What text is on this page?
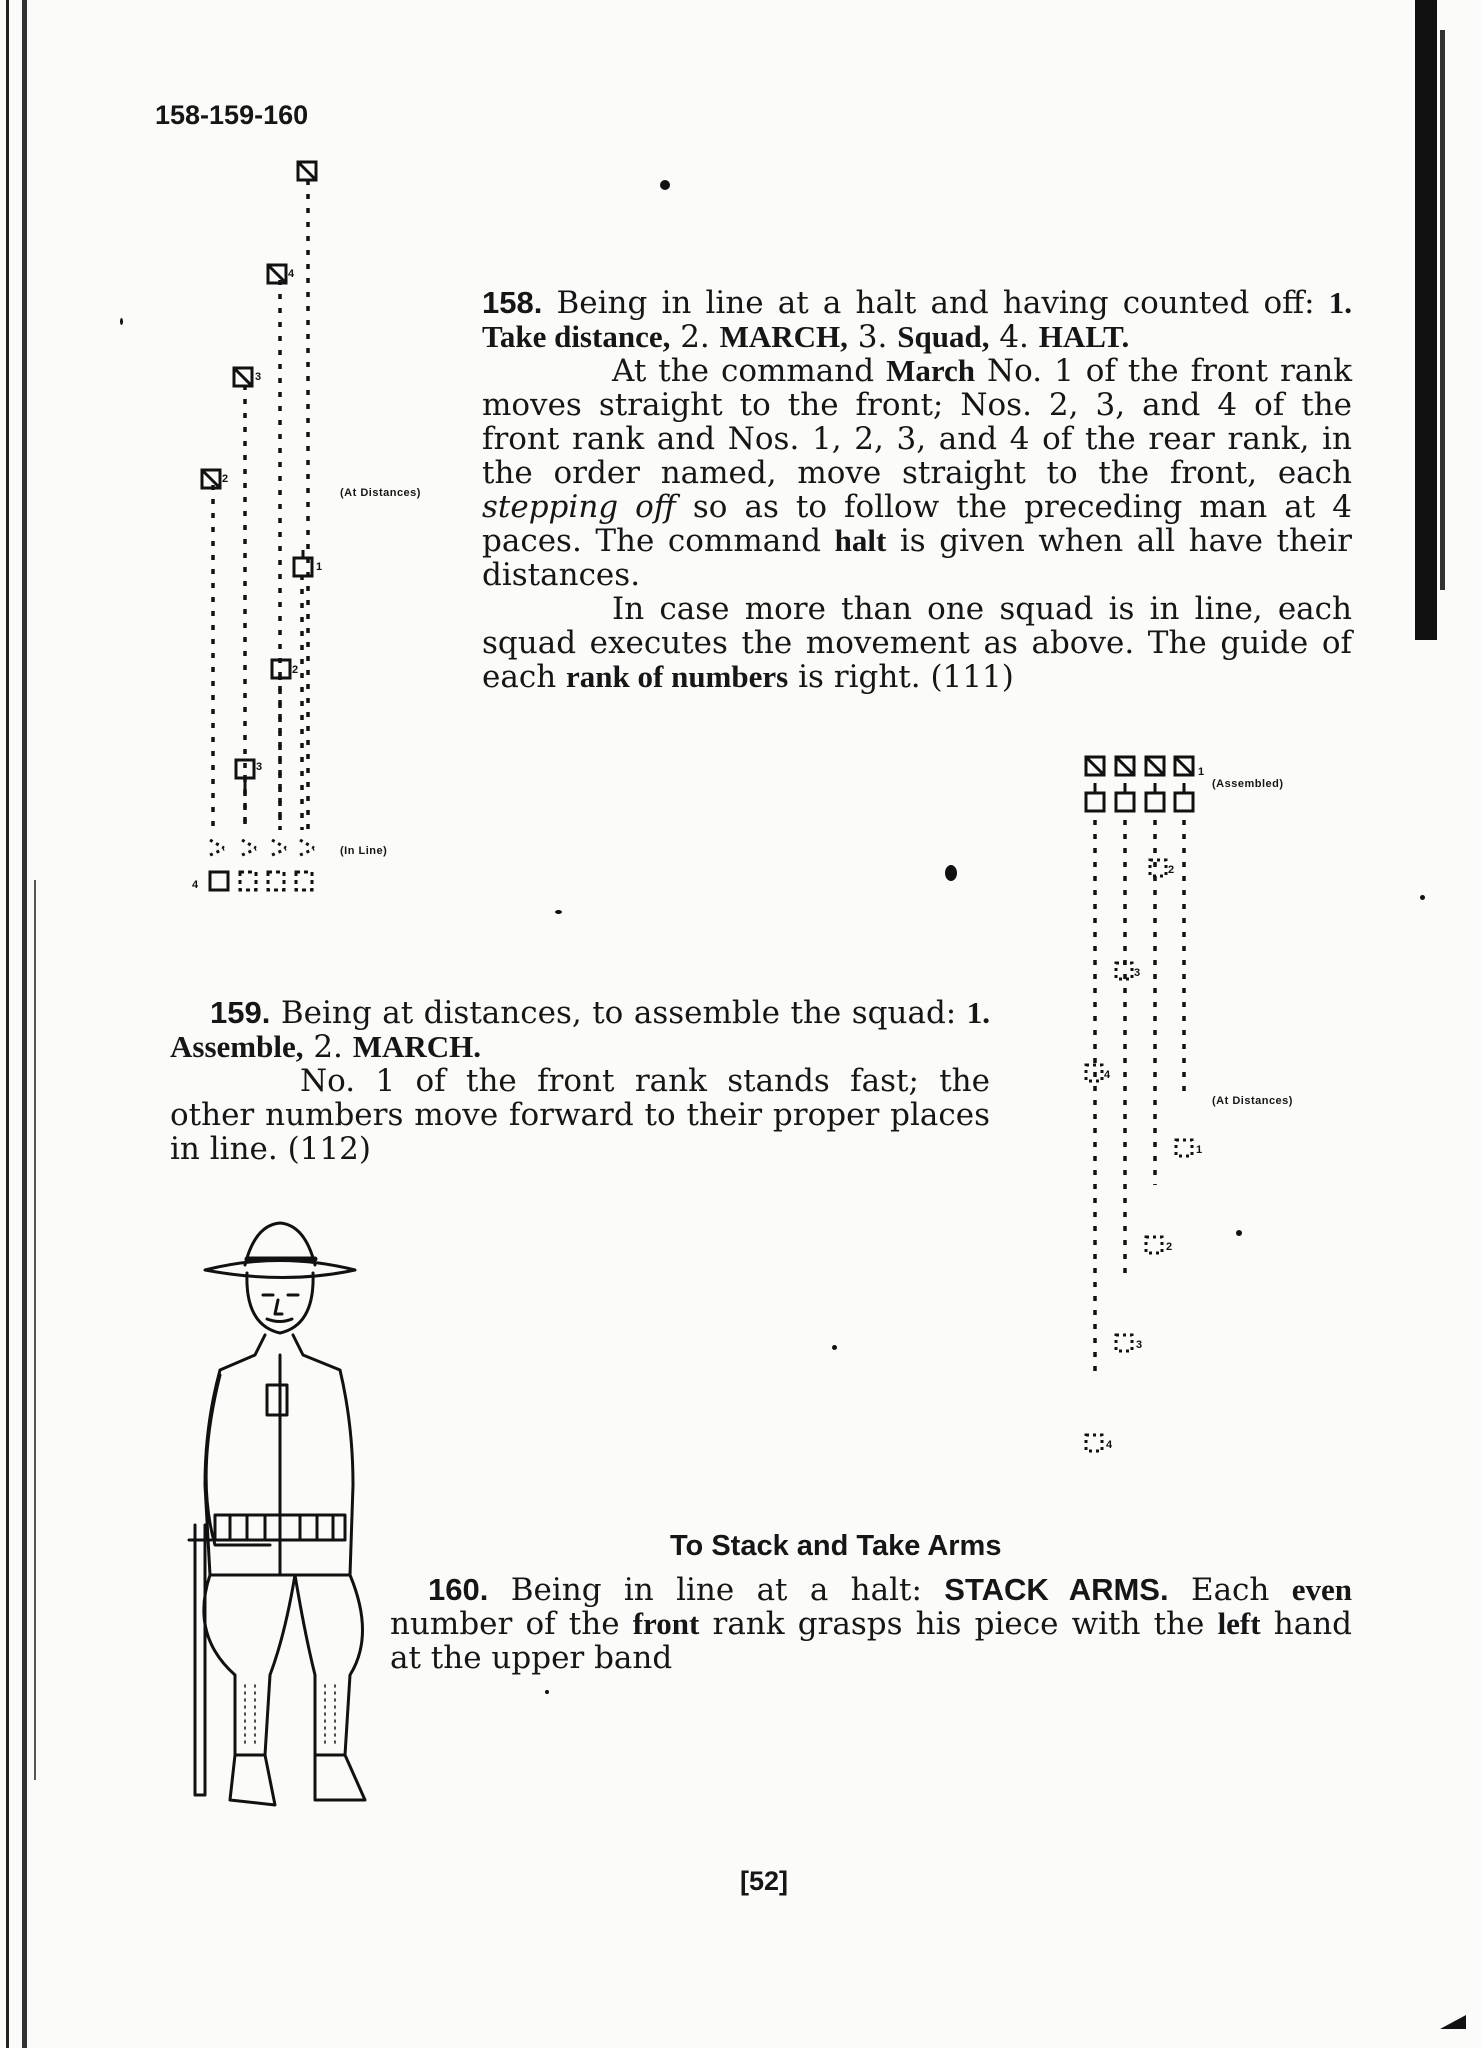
158-159-160
4
3
2
1
2
3
4
(At Distances)
(In Line)
158. Being in line at a halt and having counted off: 1. Take distance, 2. MARCH, 3. Squad, 4. HALT.
At the command March No. 1 of the front rank moves straight to the front; Nos. 2, 3, and 4 of the front rank and Nos. 1, 2, 3, and 4 of the rear rank, in the order named, move straight to the front, each stepping off so as to follow the preceding man at 4 paces. The command halt is given when all have their distances.
In case more than one squad is in line, each squad executes the movement as above. The guide of each rank of numbers is right. (111)
1
2
3
4
1
2
3
4
(Assembled)
(At Distances)
159. Being at distances, to assemble the squad: 1. Assemble, 2. MARCH.
No. 1 of the front rank stands fast; the other numbers move forward to their proper places in line. (112)
To Stack and Take Arms
160. Being in line at a halt: STACK ARMS. Each even number of the front rank grasps his piece with the left hand at the upper band
[52]
